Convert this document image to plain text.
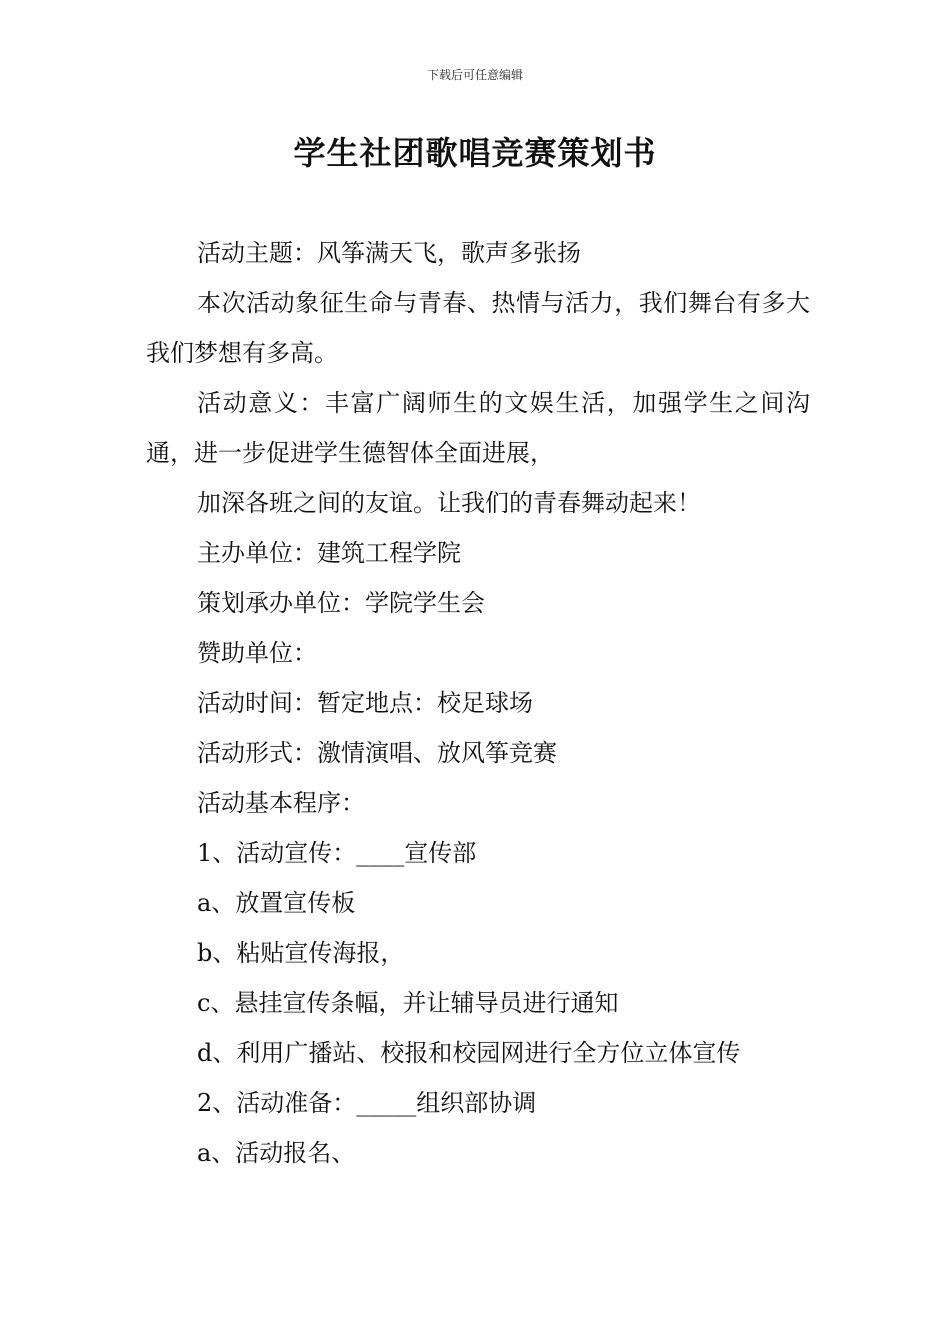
下载后可任意编辑
学生社团歌唱竞赛策划书

活动主题：风筝满天飞，歌声多张扬

本次活动象征生命与青春、热情与活力，我们舞台有多大我们梦想有多高。

活动意义：丰富广阔师生的文娱生活，加强学生之间沟通，进一步促进学生德智体全面进展，

加深各班之间的友谊。让我们的青春舞动起来！

主办单位：建筑工程学院

策划承办单位：学院学生会

赞助单位：

活动时间：暂定地点：校足球场

活动形式：激情演唱、放风筝竞赛

活动基本程序：

1、活动宣传：____宣传部

a、放置宣传板

b、粘贴宣传海报，

c、悬挂宣传条幅，并让辅导员进行通知

d、利用广播站、校报和校园网进行全方位立体宣传

2、活动准备：_____组织部协调

a、活动报名、
